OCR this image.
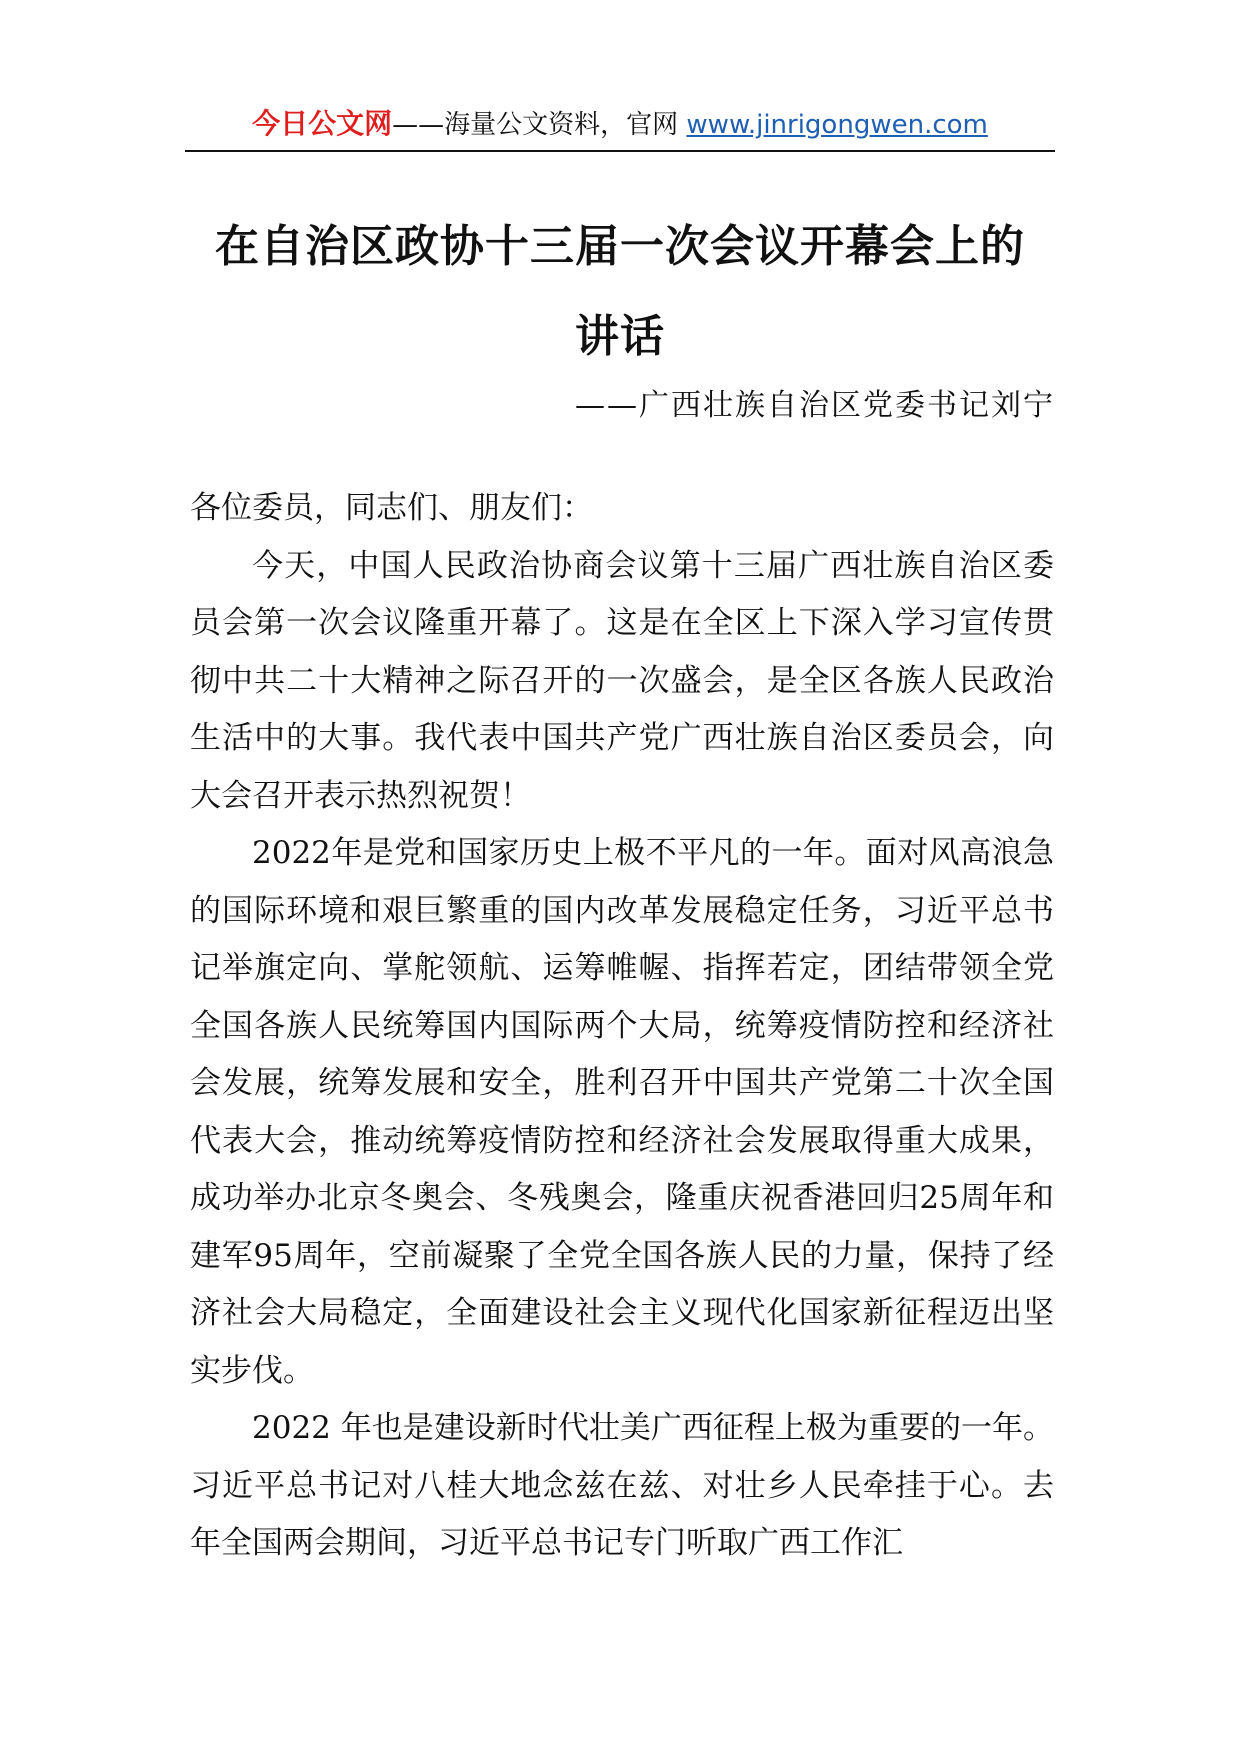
今日公文网——海量公文资料，官网 www.jinrigongwen.com
在自治区政协十三届一次会议开幕会上的
讲话
——广西壮族自治区党委书记刘宁

各位委员，同志们、朋友们：

今天，中国人民政治协商会议第十三届广西壮族自治区委员会第一次会议隆重开幕了。这是在全区上下深入学习宣传贯彻中共二十大精神之际召开的一次盛会，是全区各族人民政治生活中的大事。我代表中国共产党广西壮族自治区委员会，向大会召开表示热烈祝贺！

2022年是党和国家历史上极不平凡的一年。面对风高浪急的国际环境和艰巨繁重的国内改革发展稳定任务，习近平总书记举旗定向、掌舵领航、运筹帷幄、指挥若定，团结带领全党全国各族人民统筹国内国际两个大局，统筹疫情防控和经济社会发展，统筹发展和安全，胜利召开中国共产党第二十次全国代表大会，推动统筹疫情防控和经济社会发展取得重大成果，成功举办北京冬奥会、冬残奥会，隆重庆祝香港回归25周年和建军95周年，空前凝聚了全党全国各族人民的力量，保持了经济社会大局稳定，全面建设社会主义现代化国家新征程迈出坚实步伐。

2022 年也是建设新时代壮美广西征程上极为重要的一年。习近平总书记对八桂大地念兹在兹、对壮乡人民牵挂于心。去年全国两会期间，习近平总书记专门听取广西工作汇
